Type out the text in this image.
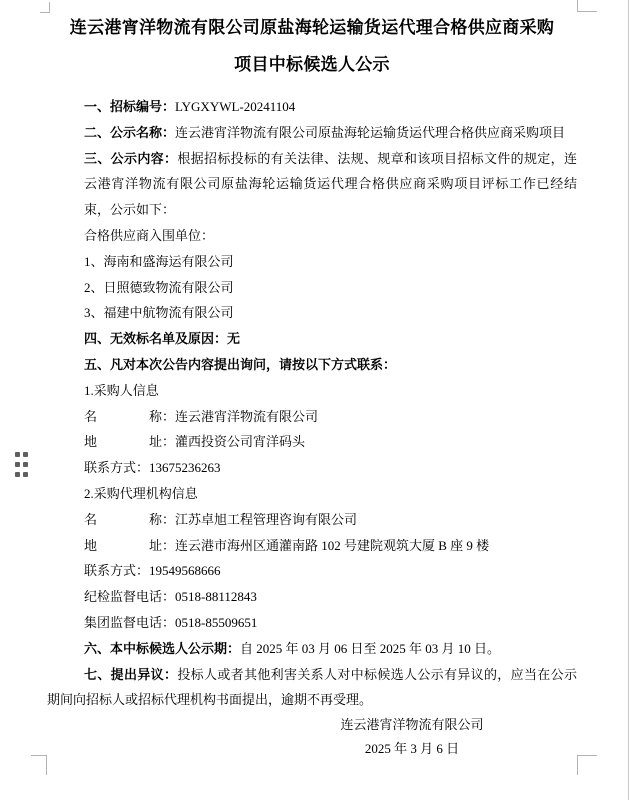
连云港宵洋物流有限公司原盐海轮运输货运代理合格供应商采购
项目中标候选人公示

一、招标编号：LYGXYWL-20241104

二、公示名称：连云港宵洋物流有限公司原盐海轮运输货运代理合格供应商采购项目

三、公示内容：根据招标投标的有关法律、法规、规章和该项目招标文件的规定，连云港宵洋物流有限公司原盐海轮运输货运代理合格供应商采购项目评标工作已经结束，公示如下：

合格供应商入围单位：

1、海南和盛海运有限公司

2、日照德致物流有限公司

3、福建中航物流有限公司

四、无效标名单及原因：无

五、凡对本次公告内容提出询问，请按以下方式联系：

1.采购人信息

名　　　　称：连云港宵洋物流有限公司

地　　　　址：灌西投资公司宵洋码头

联系方式：13675236263

2.采购代理机构信息

名　　　　称：江苏卓旭工程管理咨询有限公司

地　　　　址：连云港市海州区通灌南路 102 号建院观筑大厦 B 座 9 楼

联系方式：19549568666

纪检监督电话：0518-88112843

集团监督电话：0518-85509651

六、本中标候选人公示期：自 2025 年 03 月 06 日至 2025 年 03 月 10 日。

七、提出异议：投标人或者其他利害关系人对中标候选人公示有异议的，应当在公示期间向招标人或招标代理机构书面提出，逾期不再受理。

连云港宵洋物流有限公司
2025 年 3 月 6 日
